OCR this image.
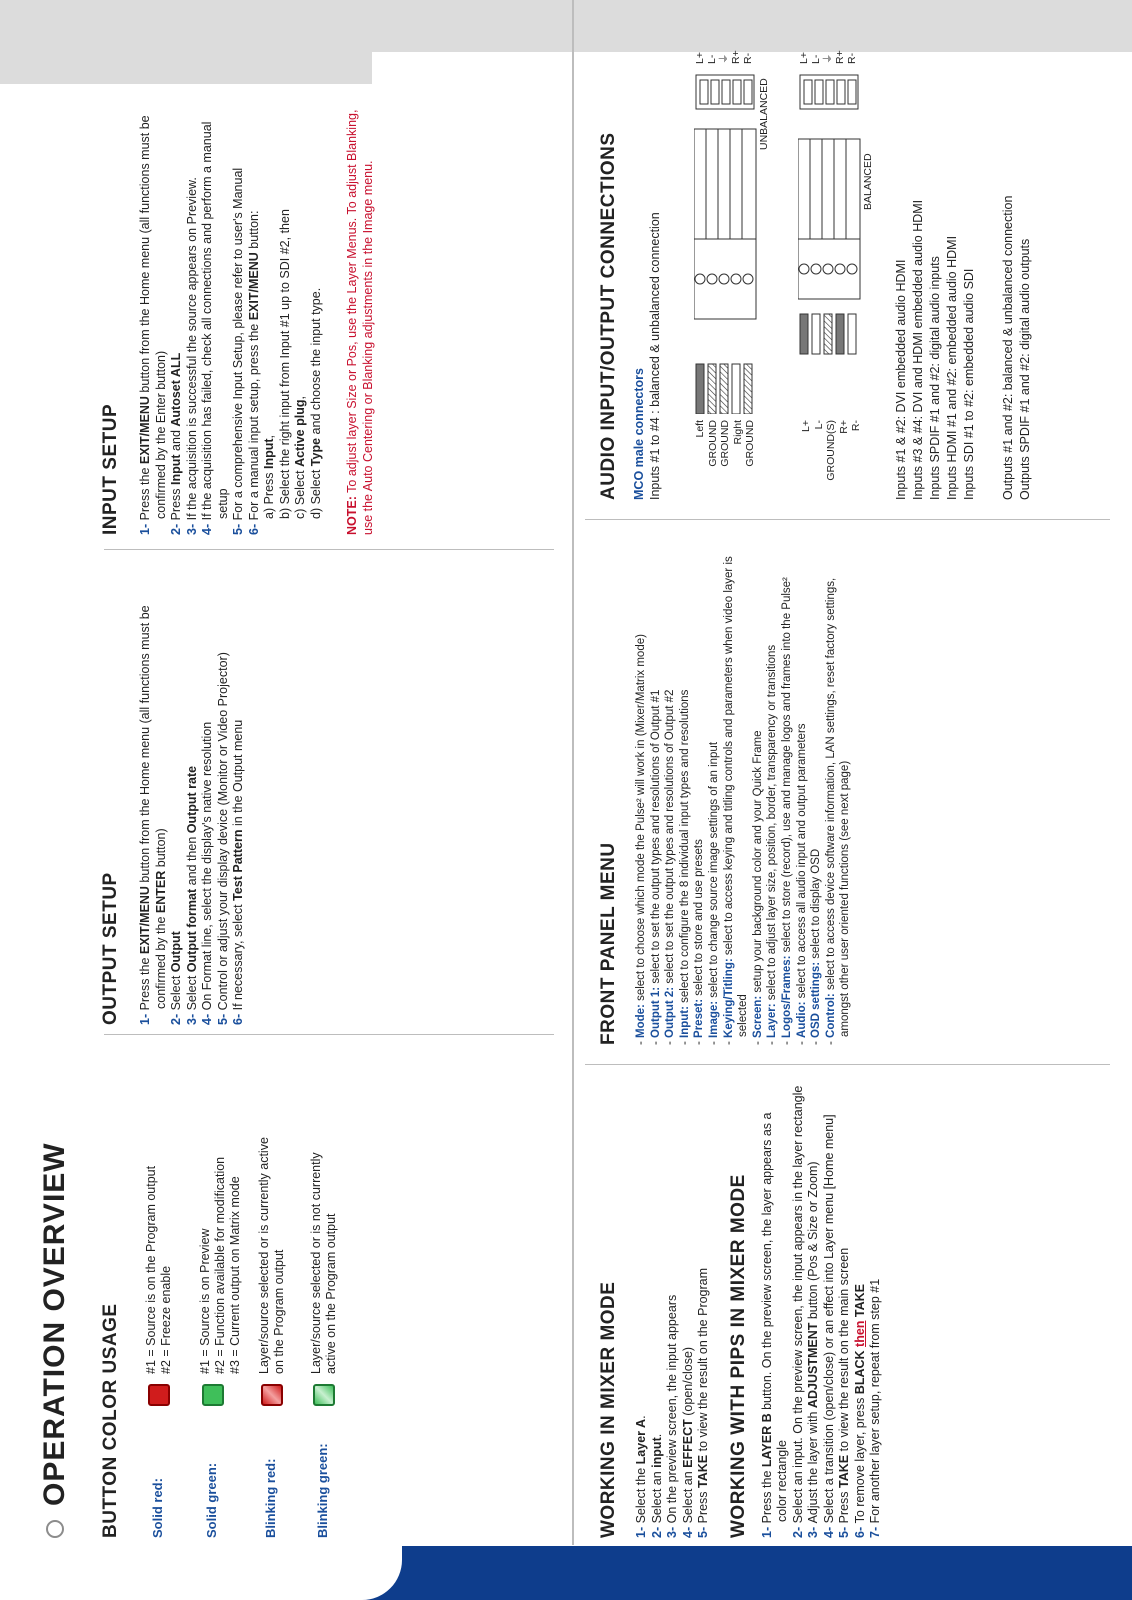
OPERATION OVERVIEW BUTTON COLOR USAGE	Solid red:
#1 = Source is on the Program output #2 = Freeze enable
Solid green:
#1 = Source is on Preview #2 = Function available for modification #3 = Current output on Matrix mode
Blinking red:
Layer/source selected or is currently active on the Program output
Blinking green:
Layer/source selected or is not currently active on the Program output
OUTPUT SETUP 1- Press the EXIT/MENU button from the Home menu (all functions must be confirmed by the ENTER button)
2- Select Output
3- Select Output format and then Output rate
4- On Format line, select the display's native resolution
5- Control or adjust your display device (Monitor or Video Projector)
6- If necessary, select Test Pattern in the Output menu
INPUT SETUP 1- Press the EXIT/MENU button from the Home menu (all functions must be confirmed by the Enter button)
2- Press Input and Autoset ALL
3- If the acquisition is successful the source appears on Preview.
4- If the acquisition has failed, check all connections and perform a manual setup
5- For a comprehensive Input Setup, please refer to user's Manual
6- For a manual input setup, press the EXIT/MENU button:
a) Press Input, b) Select the right input from Input #1 up to SDI #2, then c) Select Active plug,
d) Select Type and choose the input type.
NOTE: To adjust layer Size or Pos, use the Layer Menus. To adjust Blanking, use the Auto Centering or Blanking adjustments in the Image menu.
WORKING IN MIXER MODE 1- Select the Layer A.
2- Select an input.
3- On the preview screen, the input appears
4- Select an EFFECT (open/close)
5- Press TAKE to view the result on the Program WORKING WITH PIPS IN MIXER MODE 1- Press the LAYER B button. On the preview screen, the layer appears as a color rectangle
2- Select an input. On the preview screen, the input appears in the layer rectangle
3- Adjust the layer with ADJUSTMENT button (Pos & Size or Zoom)
4- Select a transition (open/close) or an effect into Layer menu [Home menu]
5- Press TAKE to view the result on the main screen
6- To remove layer, press BLACK then TAKE
7- For another layer setup, repeat from step #1
FRONT PANEL MENU - Mode: select to choose which mode the Pulse² will work in (Mixer/Matrix mode)
- Output 1: select to set the output types and resolutions of Output #1
- Output 2: select to set the output types and resolutions of Output #2
- Input: select to configure the 8 individual input types and resolutions
- Preset: select to store and use presets
- Image: select to change source image settings of an input
- Keying/Titling: select to access keying and titling controls and parameters when video layer is selected
- Screen: setup your background color and your Quick Frame
- Layer: select to adjust layer size, position, border, transparency or transitions
- Logos/Frames: select to store (record), use and manage logos and frames into the Pulse²
- Audio: select to access all audio input and output parameters
- OSD settings: select to display OSD
- Control: select to access device software information, LAN settings, reset factory settings, amongst other user oriented functions (see next page)
AUDIO INPUT/OUTPUT CONNECTIONS MCO male connectors Inputs #1 to #4 : balanced & unbalanced connection	Left GROUND GROUND Right GROUND
UNBALANCED
L+ L- ⏚ R+ R-
L+ L- GROUND(S) R+ R-
BALANCED
L+ L- ⏚ R+ R-
Inputs #1 & #2: DVI embedded audio HDMI Inputs #3 & #4: DVI and HDMI embedded audio HDMI Inputs SPDIF #1 and #2: digital audio inputs Inputs HDMI #1 and #2: embedded audio HDMI Inputs SDI #1 to #2: embedded audio SDI Outputs #1 and #2: balanced & unbalanced connection Outputs SPDIF #1 and #2: digital audio outputs
